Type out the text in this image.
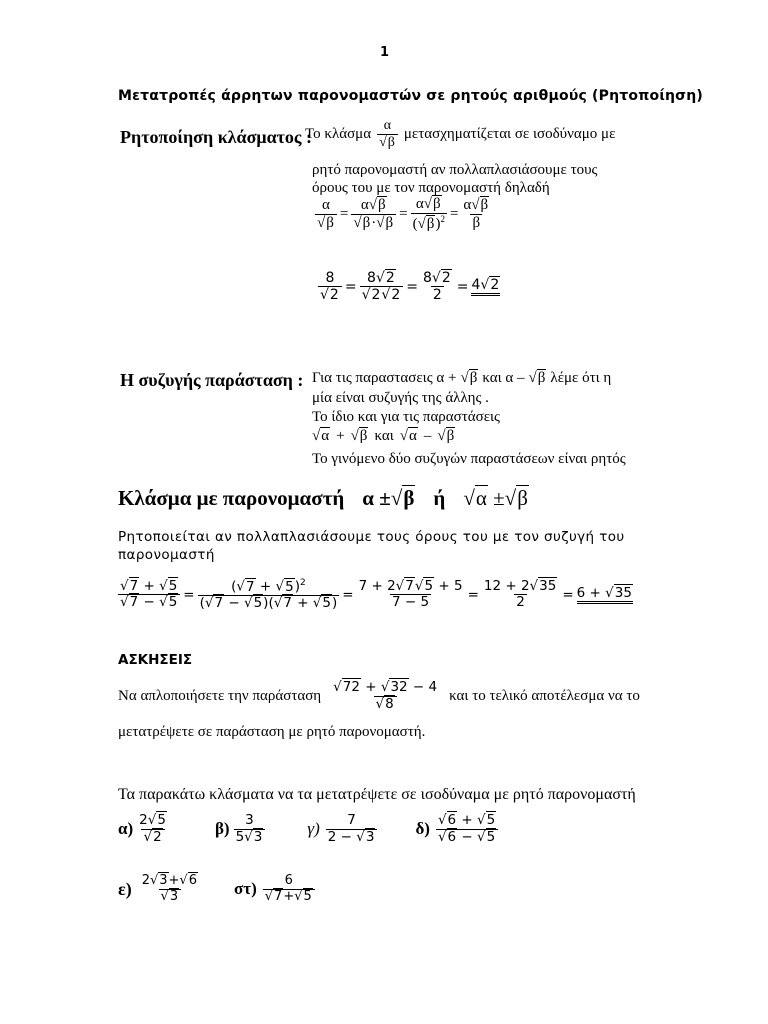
1
Μετατροπές άρρητων παρονομαστών σε ρητούς αριθμούς (Ρητοποίηση)
Ρητοποίηση κλάσματος :
Το κλάσμα $\frac{\alpha}{√\beta}$ μετασχηματίζεται σε ισοδύναμο με
ρητό παρονομαστή αν πολλαπλασιάσουμε τους
όρους του με τον παρονομαστή δηλαδή
$\frac{\alpha}{√\beta} = \frac{\alpha√\beta}{√\beta\cdot√\beta} = \frac{\alpha√\beta}{(√\beta)^2} = \frac{\alpha√\beta}{\beta}$
$\frac{8}{√2} = \frac{8√2}{√2√2} = \frac{8√2}{2} = 4√2$
Η συζυγής παράσταση : Για τις παραστασεις α + √β και α – √β λέμε ότι η
μία είναι συζυγής της άλλης .
Το ίδιο και για τις παραστάσεις
√α + √β και √α – √β
Το γινόμενο δύο συζυγών παραστάσεων είναι ρητός
Κλάσμα με παρονομαστή α ±√β ή √α ±√β
Ρητοποιείται αν πολλαπλασιάσουμε τους όρους του με τον συζυγή του
παρονομαστή
$\frac{√7 + √5}{√7 - √5} = \frac{(√7 + √5)^2}{(√7 - √5)(√7 + √5)} = \frac{7 + 2√7√5 + 5}{7 - 5} = \frac{12 + 2√35}{2} = 6 + √35$
ΑΣΚΗΣΕΙΣ
Να απλοποιήσετε την παράσταση $\frac{√72 + √32 - 4}{√8}$ και το τελικό αποτέλεσμα να το
μετατρέψετε σε παράσταση με ρητό παρονομαστή.
Τα παρακάτω κλάσματα να τα μετατρέψετε σε ισοδύναμα με ρητό παρονομαστή
$\alpha) \frac{2√5}{√2}$	$\beta) \frac{3}{5√3} \gamma) \frac{7}{2 - √3} \delta) \frac{√6 + √5}{√6 - √5}$
$\varepsilon) \frac{2√3+√6}{√3} \sigma\tau) \frac{6}{√7+√5}$
